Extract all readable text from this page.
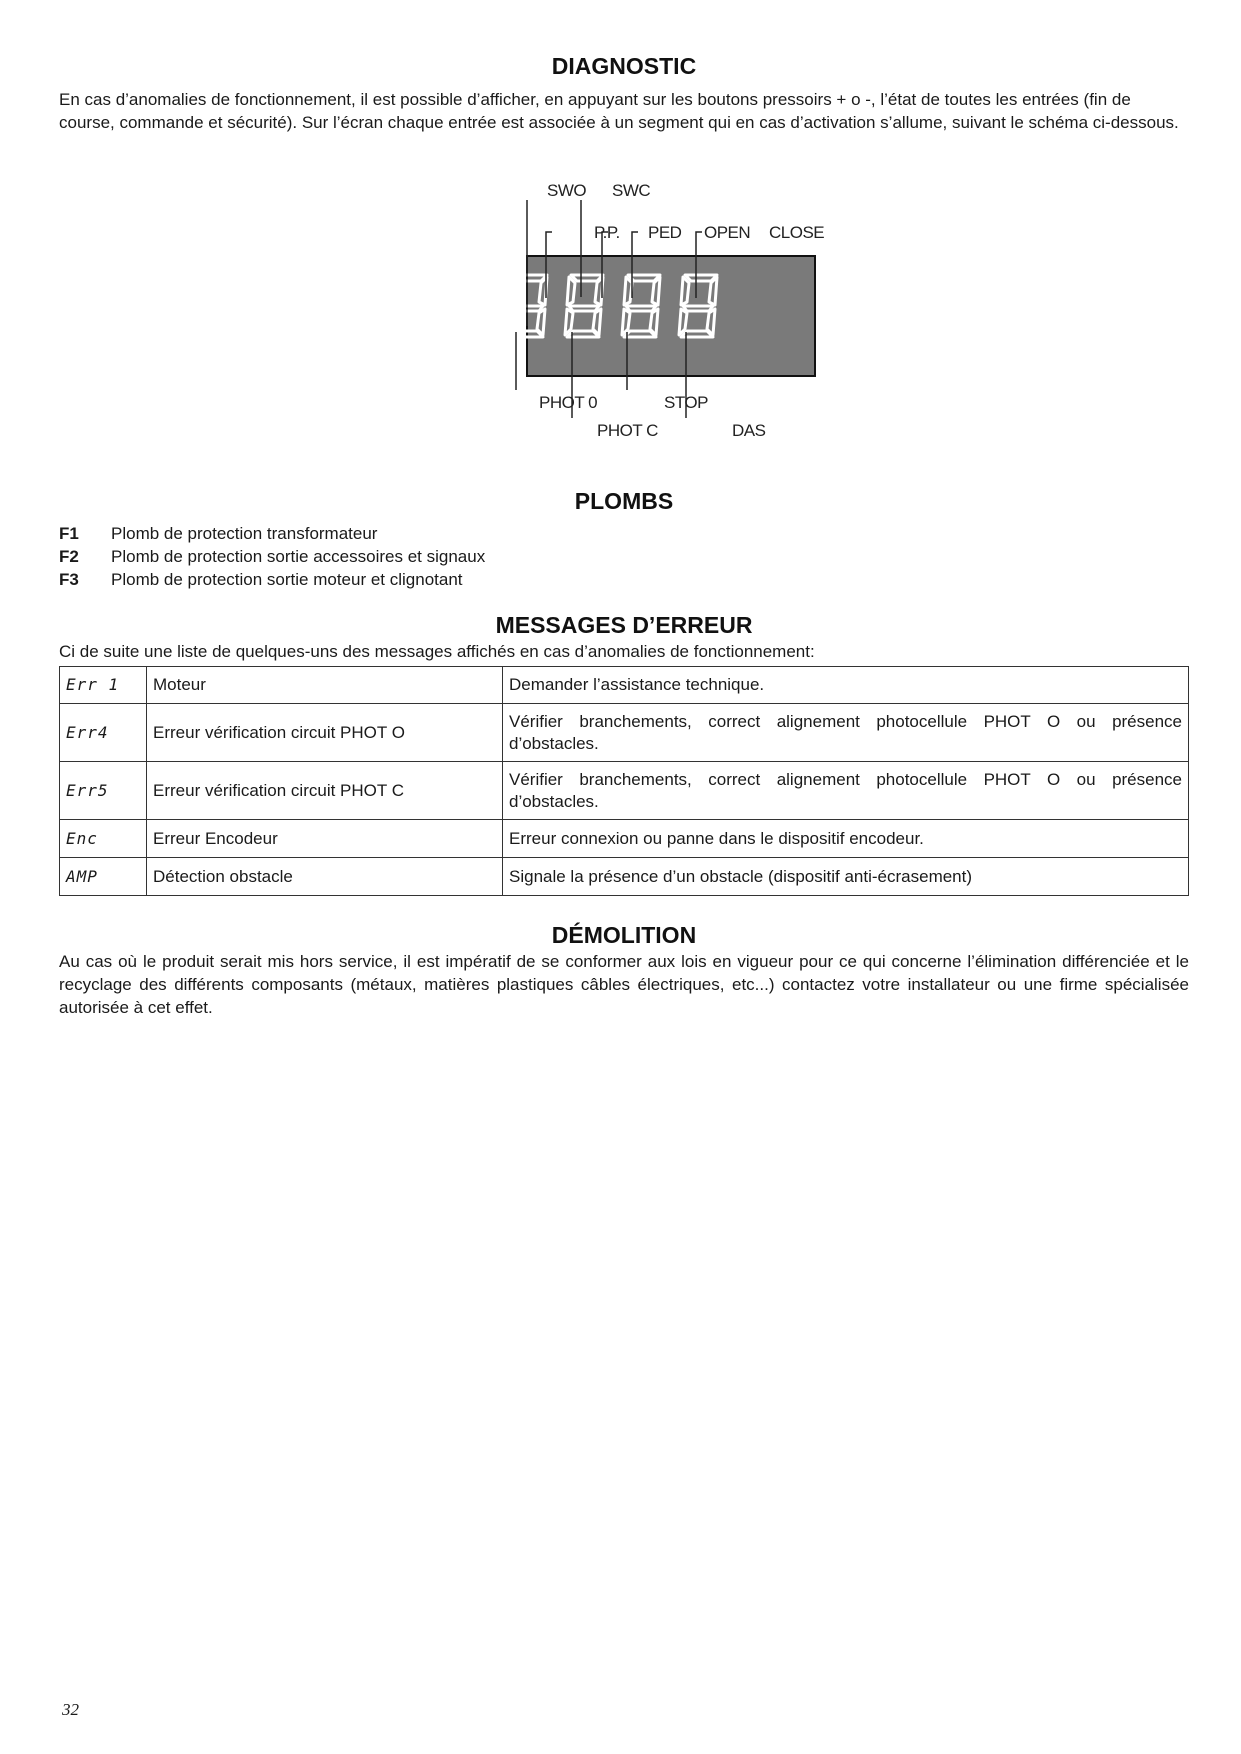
DIAGNOSTIC

En cas d’anomalies de fonctionnement, il est possible d’afficher, en appuyant sur les boutons pressoirs + o -, l’état de toutes les entrées (fin de course, commande et sécurité). Sur l’écran chaque entrée est associée à un segment qui en cas d’activation s’allume, suivant le schéma ci-dessous.

SWO SWC
P.P. PED OPEN CLOSE
PHOT 0
PHOT C
STOP
DAS
PLOMBS
F1	Plomb de protection transformateur
F2	Plomb de protection sortie accessoires et signaux
F3	Plomb de protection sortie moteur et clignotant
MESSAGES D’ERREUR

Ci de suite une liste de quelques-uns des messages affichés en cas d’anomalies de fonctionnement:

Err 1	Moteur	Demander l’assistance technique.
Err4	Erreur vérification circuit PHOT O	Vérifier branchements, correct alignement photocellule PHOT O ou présence d’obstacles.
Err5	Erreur vérification circuit PHOT C	Vérifier branchements, correct alignement photocellule PHOT O ou présence d’obstacles.
Enc	Erreur Encodeur	Erreur connexion ou panne dans le dispositif encodeur.
AMP	Détection obstacle	Signale la présence d’un obstacle (dispositif anti-écrasement)
DÉMOLITION

Au cas où le produit serait mis hors service, il est impératif de se conformer aux lois en vigueur pour ce qui concerne l’élimination différenciée et le recyclage des différents composants (métaux, matières plastiques câbles électriques, etc...) contactez votre installateur ou une firme spécialisée autorisée à cet effet.

32
